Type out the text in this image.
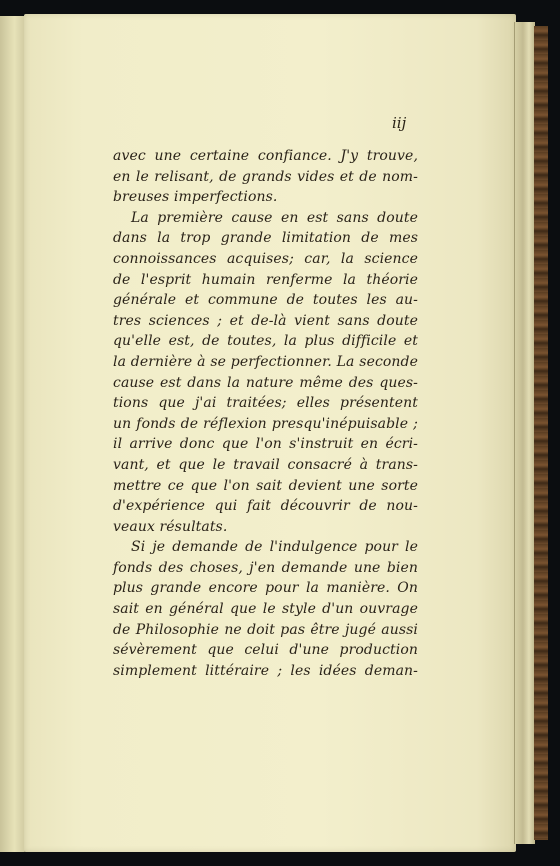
iij
avec une certaine confiance. J'y trouve,
en le relisant, de grands vides et de nom-
breuses imperfections.
La première cause en est sans doute
dans la trop grande limitation de mes
connoissances acquises; car, la science
de l'esprit humain renferme la théorie
générale et commune de toutes les au-
tres sciences ; et de-là vient sans doute
qu'elle est, de toutes, la plus difficile et
la dernière à se perfectionner. La seconde
cause est dans la nature même des ques-
tions que j'ai traitées; elles présentent
un fonds de réflexion presqu'inépuisable ;
il arrive donc que l'on s'instruit en écri-
vant, et que le travail consacré à trans-
mettre ce que l'on sait devient une sorte
d'expérience qui fait découvrir de nou-
veaux résultats.
Si je demande de l'indulgence pour le
fonds des choses, j'en demande une bien
plus grande encore pour la manière. On
sait en général que le style d'un ouvrage
de Philosophie ne doit pas être jugé aussi
sévèrement que celui d'une production
simplement littéraire ; les idées deman-
